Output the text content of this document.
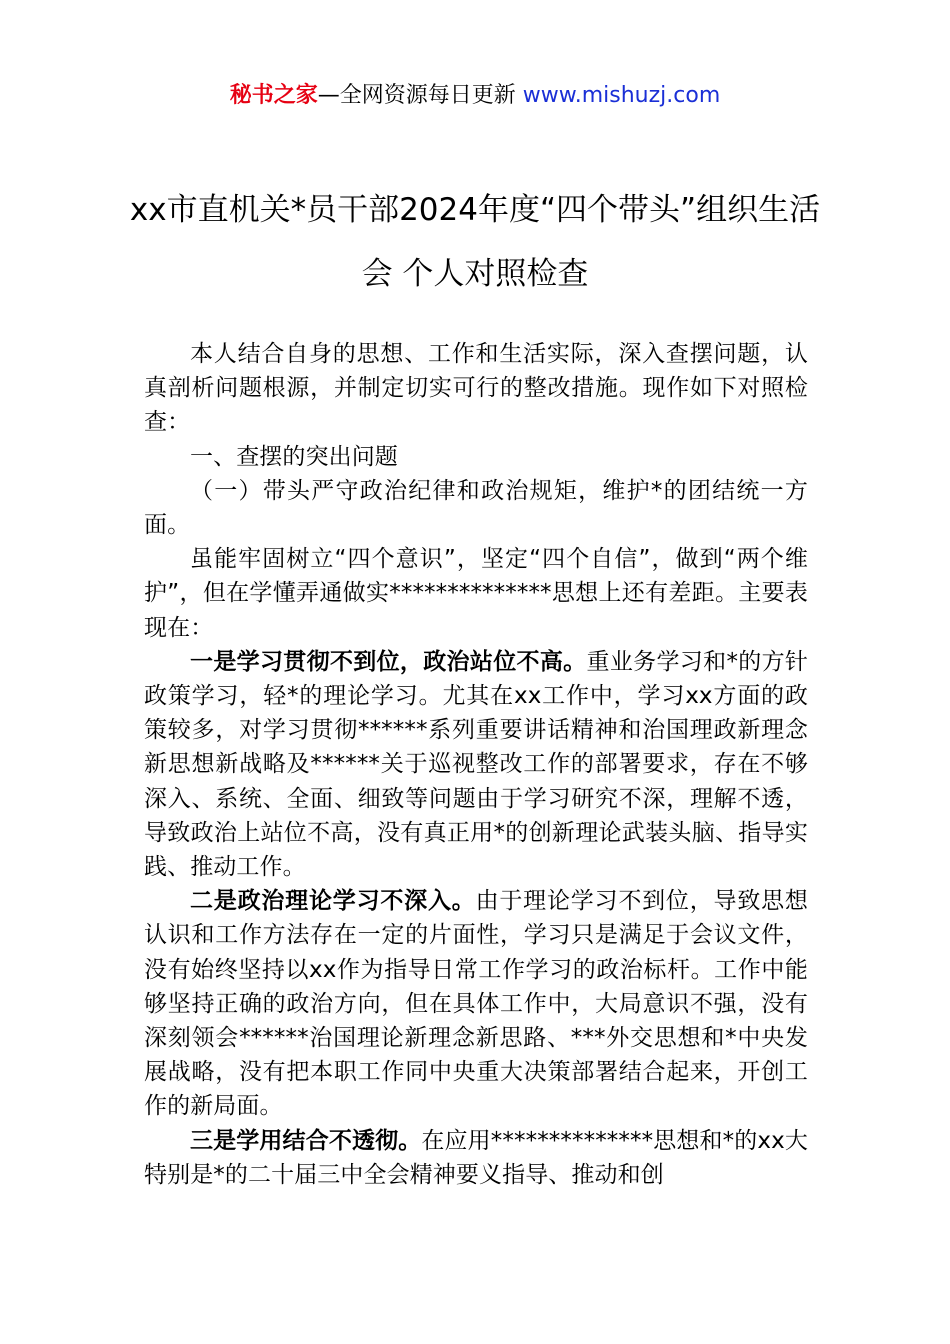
秘书之家—全网资源每日更新 www.mishuzj.com
xx市直机关*员干部2024年度“四个带头”组织生活会 个人对照检查

本人结合自身的思想、工作和生活实际，深入查摆问题，认真剖析问题根源，并制定切实可行的整改措施。现作如下对照检查：

一、查摆的突出问题

（一）带头严守政治纪律和政治规矩，维护*的团结统一方面。

虽能牢固树立“四个意识”，坚定“四个自信”，做到“两个维护”，但在学懂弄通做实**************思想上还有差距。主要表现在：

一是学习贯彻不到位，政治站位不高。重业务学习和*的方针政策学习，轻*的理论学习。尤其在xx工作中，学习xx方面的政策较多，对学习贯彻******系列重要讲话精神和治国理政新理念新思想新战略及******关于巡视整改工作的部署要求，存在不够深入、系统、全面、细致等问题由于学习研究不深，理解不透，导致政治上站位不高，没有真正用*的创新理论武装头脑、指导实践、推动工作。

二是政治理论学习不深入。由于理论学习不到位，导致思想认识和工作方法存在一定的片面性，学习只是满足于会议文件，没有始终坚持以xx作为指导日常工作学习的政治标杆。工作中能够坚持正确的政治方向，但在具体工作中，大局意识不强，没有深刻领会******治国理论新理念新思路、***外交思想和*中央发展战略，没有把本职工作同中央重大决策部署结合起来，开创工作的新局面。

三是学用结合不透彻。在应用**************思想和*的xx大特别是*的二十届三中全会精神要义指导、推动和创
